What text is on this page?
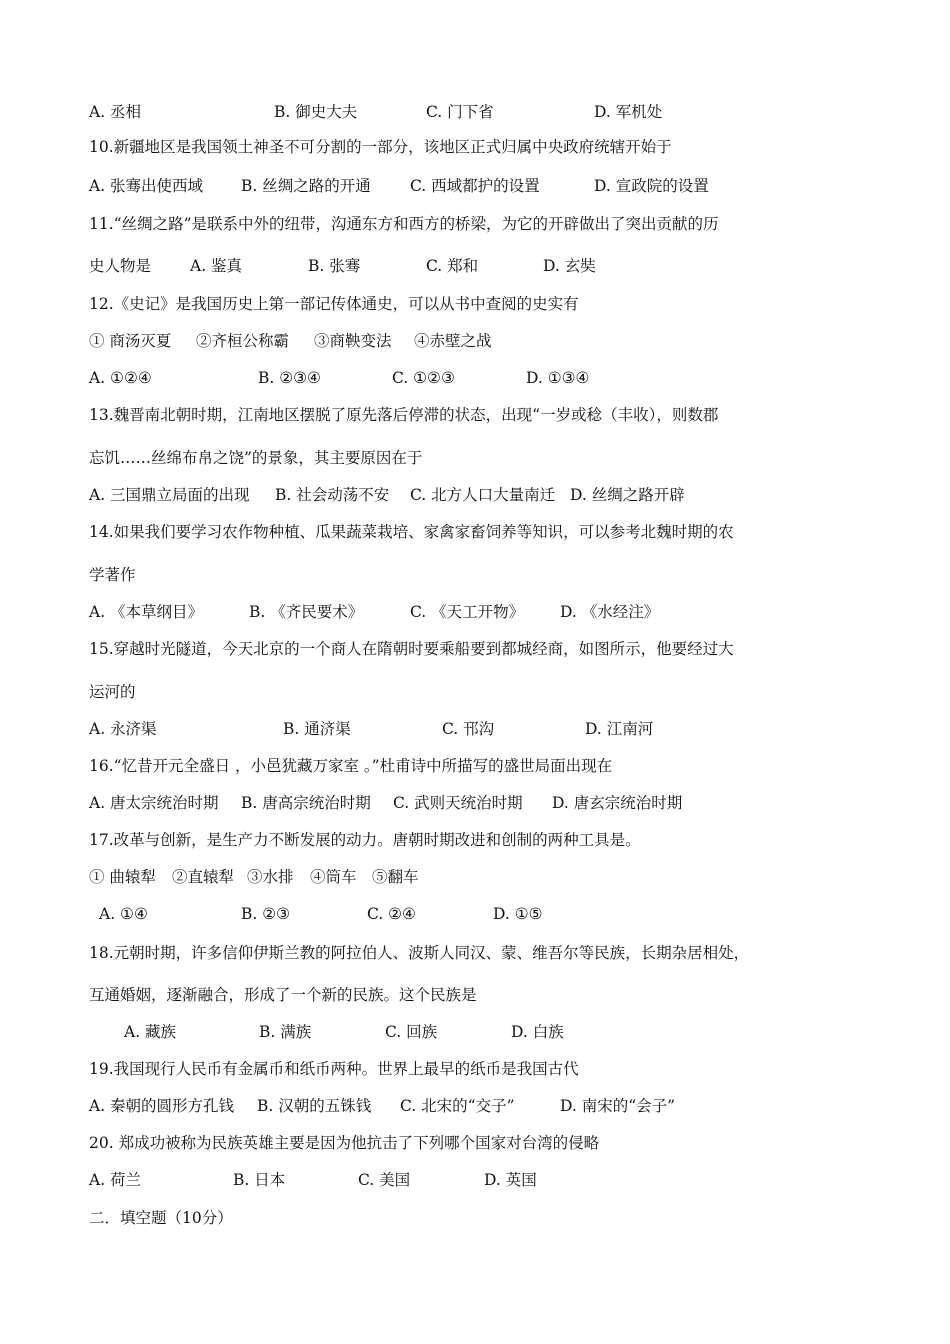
A. 丞相	B. 御史大夫	C. 门下省	D. 军机处
10.新疆地区是我国领土神圣不可分割的一部分，该地区正式归属中央政府统辖开始于
A. 张骞出使西域 B. 丝绸之路的开通	C. 西域都护的设置	D. 宣政院的设置
11.“丝绸之路”是联系中外的纽带，沟通东方和西方的桥梁，为它的开辟做出了突出贡献的历
史人物是	A. 鉴真	B. 张骞	C. 郑和	D. 玄奘
12.《史记》是我国历史上第一部记传体通史，可以从书中查阅的史实有
① 商汤灭夏 ②齐桓公称霸 ③商鞅变法 ④赤壁之战
A. ①②④	B. ②③④	C. ①②③	D. ①③④
13.魏晋南北朝时期，江南地区摆脱了原先落后停滞的状态，出现“一岁或稔（丰收），则数郡
忘饥……丝绵布帛之饶”的景象，其主要原因在于
A. 三国鼎立局面的出现 B. 社会动荡不安 C. 北方人口大量南迁 D. 丝绸之路开辟
14.如果我们要学习农作物种植、瓜果蔬菜栽培、家禽家畜饲养等知识，可以参考北魏时期的农
学著作
A. 《本草纲目》	B. 《齐民要术》	C. 《天工开物》 D. 《水经注》
15.穿越时光隧道，今天北京的一个商人在隋朝时要乘船要到都城经商，如图所示，他要经过大
运河的
A. 永济渠	B. 通济渠	C. 邗沟	D. 江南河
16.“忆昔开元全盛日 ，小邑犹藏万家室 。”杜甫诗中所描写的盛世局面出现在
A. 唐太宗统治时期 B. 唐高宗统治时期 C. 武则天统治时期 D. 唐玄宗统治时期
17.改革与创新，是生产力不断发展的动力。唐朝时期改进和创制的两种工具是。
① 曲辕犁 ②直辕犁 ③水排 ④筒车 ⑤翻车
A. ①④	B. ②③	C. ②④	D. ①⑤
18.元朝时期，许多信仰伊斯兰教的阿拉伯人、波斯人同汉、蒙、维吾尔等民族，长期杂居相处，
互通婚姻，逐渐融合，形成了一个新的民族。这个民族是
A. 藏族	B. 满族	C. 回族	D. 白族
19.我国现行人民币有金属币和纸币两种。世界上最早的纸币是我国古代
A. 秦朝的圆形方孔钱 B. 汉朝的五铢钱 C. 北宋的“交子”	D. 南宋的“会子”
20. 郑成功被称为民族英雄主要是因为他抗击了下列哪个国家对台湾的侵略
A. 荷兰	B. 日本	C. 美国	D. 英国
二．填空题（10分）
